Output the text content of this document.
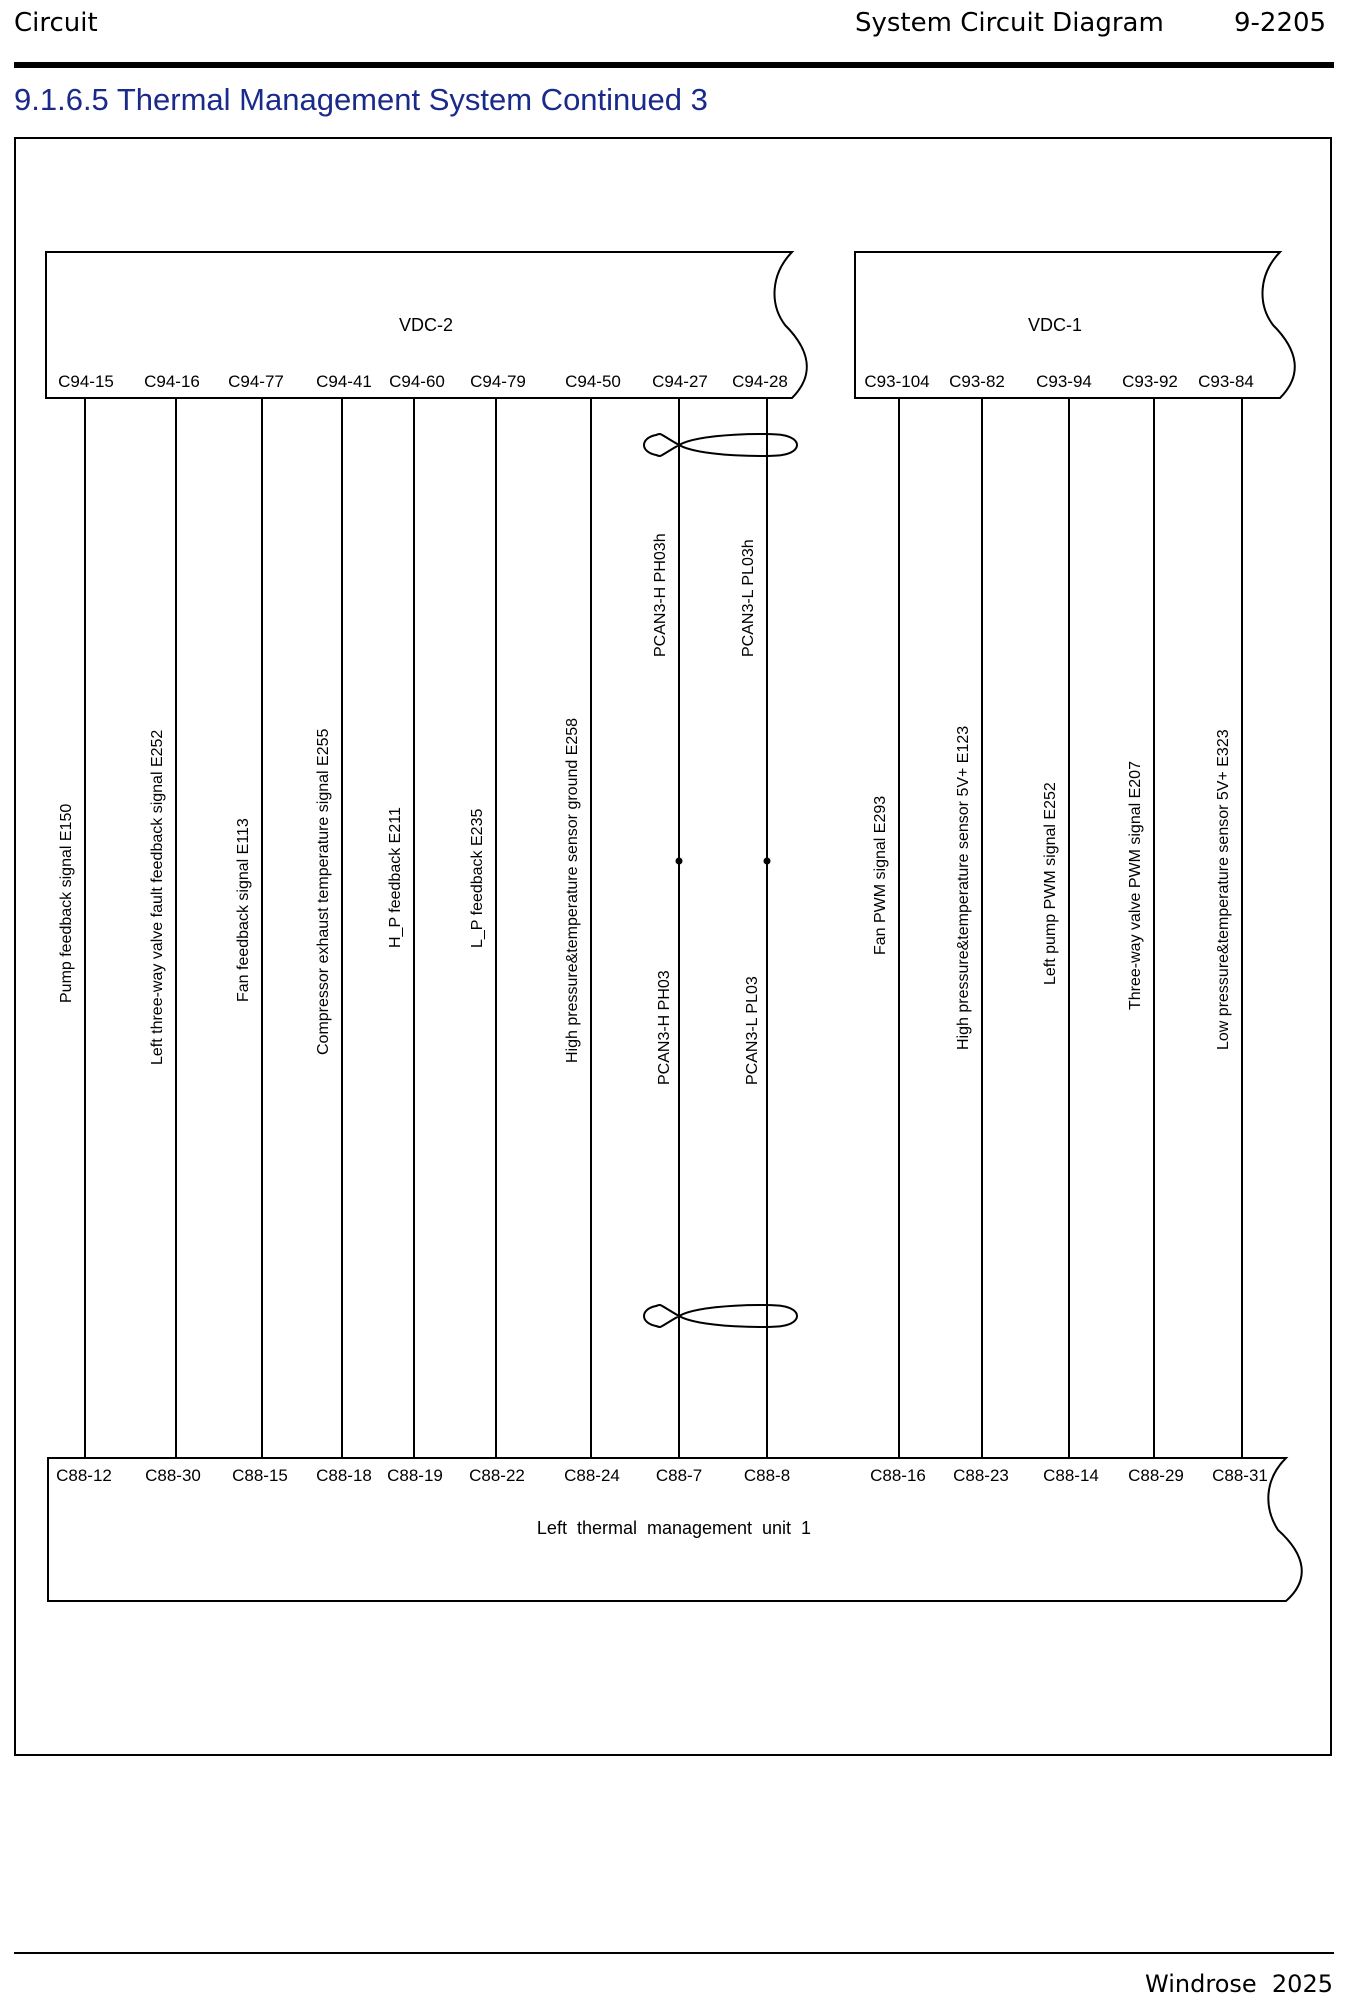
Circuit	System Circuit Diagram	9-2205
9.1.6.5 Thermal Management System Continued 3
VDC-2	VDC-1
Left  thermal  management  unit  1
C94-15
C88-12
Pump feedback signal E150
C94-16
C88-30
Left three-way valve fault feedback signal E252
C94-77
C88-15
Fan feedback signal E113
C94-41
C88-18
Compressor exhaust temperature signal E255
C94-60
C88-19
H_P feedback E211
C94-79
C88-22
L_P feedback E235
C94-50
C88-24
High pressure&temperature sensor ground E258
C94-27
C88-7
PCAN3-H PH03h
PCAN3-H PH03
C94-28
C88-8
PCAN3-L PL03h
PCAN3-L PL03
C93-104
C88-16
Fan PWM signal E293
C93-82
C88-23
High pressure&temperature sensor 5V+ E123
C93-94
C88-14
Left pump PWM signal E252
C93-92
C88-29
Three-way valve PWM signal E207
C93-84
C88-31
Low pressure&temperature sensor 5V+ E323
Windrose  2025
